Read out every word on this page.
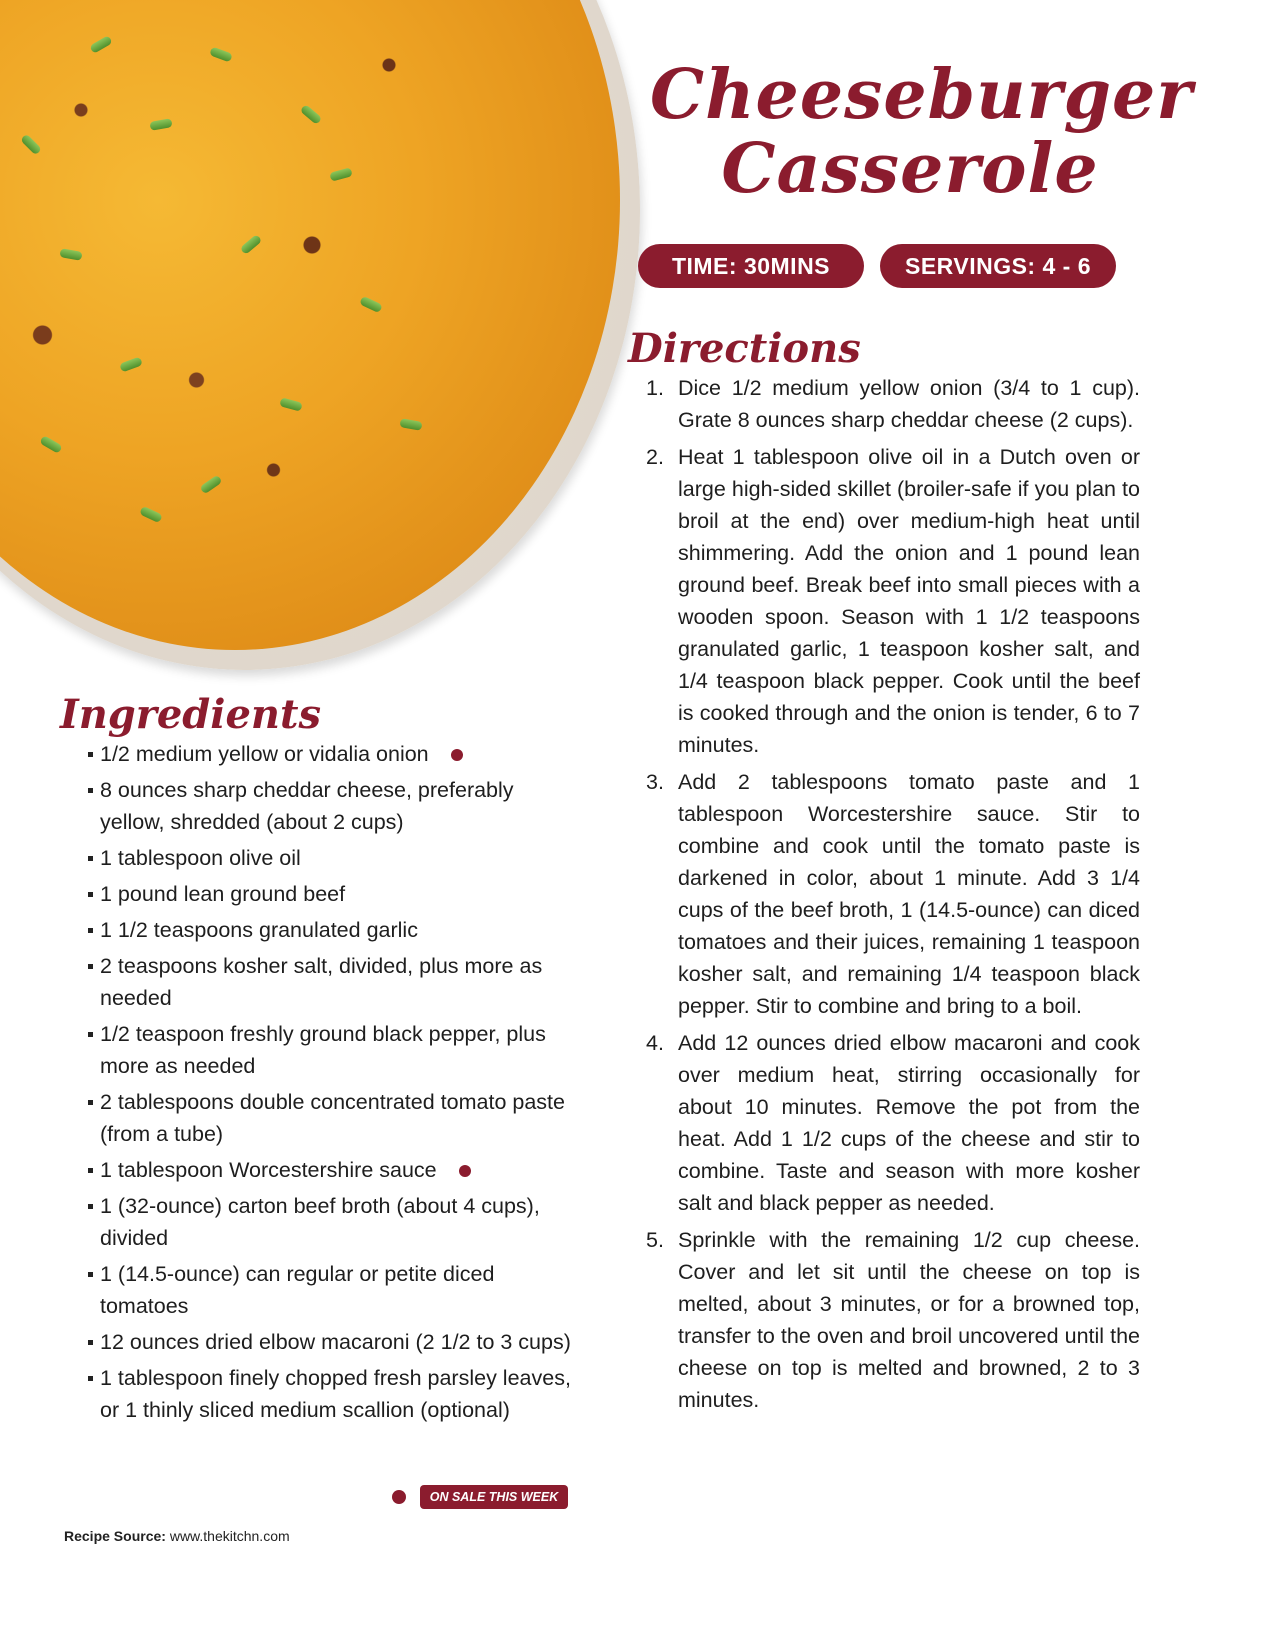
Cheeseburger Casserole
TIME: 30MINS	SERVINGS: 4 - 6
Directions
1. Dice 1/2 medium yellow onion (3/4 to 1 cup). Grate 8 ounces sharp cheddar cheese (2 cups).
2. Heat 1 tablespoon olive oil in a Dutch oven or large high-sided skillet (broiler-safe if you plan to broil at the end) over medium-high heat until shimmering. Add the onion and 1 pound lean ground beef. Break beef into small pieces with a wooden spoon. Season with 1 1/2 teaspoons granulated garlic, 1 teaspoon kosher salt, and 1/4 teaspoon black pepper. Cook until the beef is cooked through and the onion is tender, 6 to 7 minutes.
3. Add 2 tablespoons tomato paste and 1 tablespoon Worcestershire sauce. Stir to combine and cook until the tomato paste is darkened in color, about 1 minute. Add 3 1/4 cups of the beef broth, 1 (14.5-ounce) can diced tomatoes and their juices, remaining 1 teaspoon kosher salt, and remaining 1/4 teaspoon black pepper. Stir to combine and bring to a boil.
4. Add 12 ounces dried elbow macaroni and cook over medium heat, stirring occasionally for about 10 minutes. Remove the pot from the heat. Add 1 1/2 cups of the cheese and stir to combine. Taste and season with more kosher salt and black pepper as needed.
5. Sprinkle with the remaining 1/2 cup cheese. Cover and let sit until the cheese on top is melted, about 3 minutes, or for a browned top, transfer to the oven and broil uncovered until the cheese on top is melted and browned, 2 to 3 minutes.
Ingredients
1/2 medium yellow or vidalia onion
8 ounces sharp cheddar cheese, preferably yellow, shredded (about 2 cups)
1 tablespoon olive oil
1 pound lean ground beef
1 1/2 teaspoons granulated garlic
2 teaspoons kosher salt, divided, plus more as needed
1/2 teaspoon freshly ground black pepper, plus more as needed
2 tablespoons double concentrated tomato paste (from a tube)
1 tablespoon Worcestershire sauce
1 (32-ounce) carton beef broth (about 4 cups), divided
1 (14.5-ounce) can regular or petite diced tomatoes
12 ounces dried elbow macaroni (2 1/2 to 3 cups)
1 tablespoon finely chopped fresh parsley leaves, or 1 thinly sliced medium scallion (optional)
ON SALE THIS WEEK
Recipe Source: www.thekitchn.com
